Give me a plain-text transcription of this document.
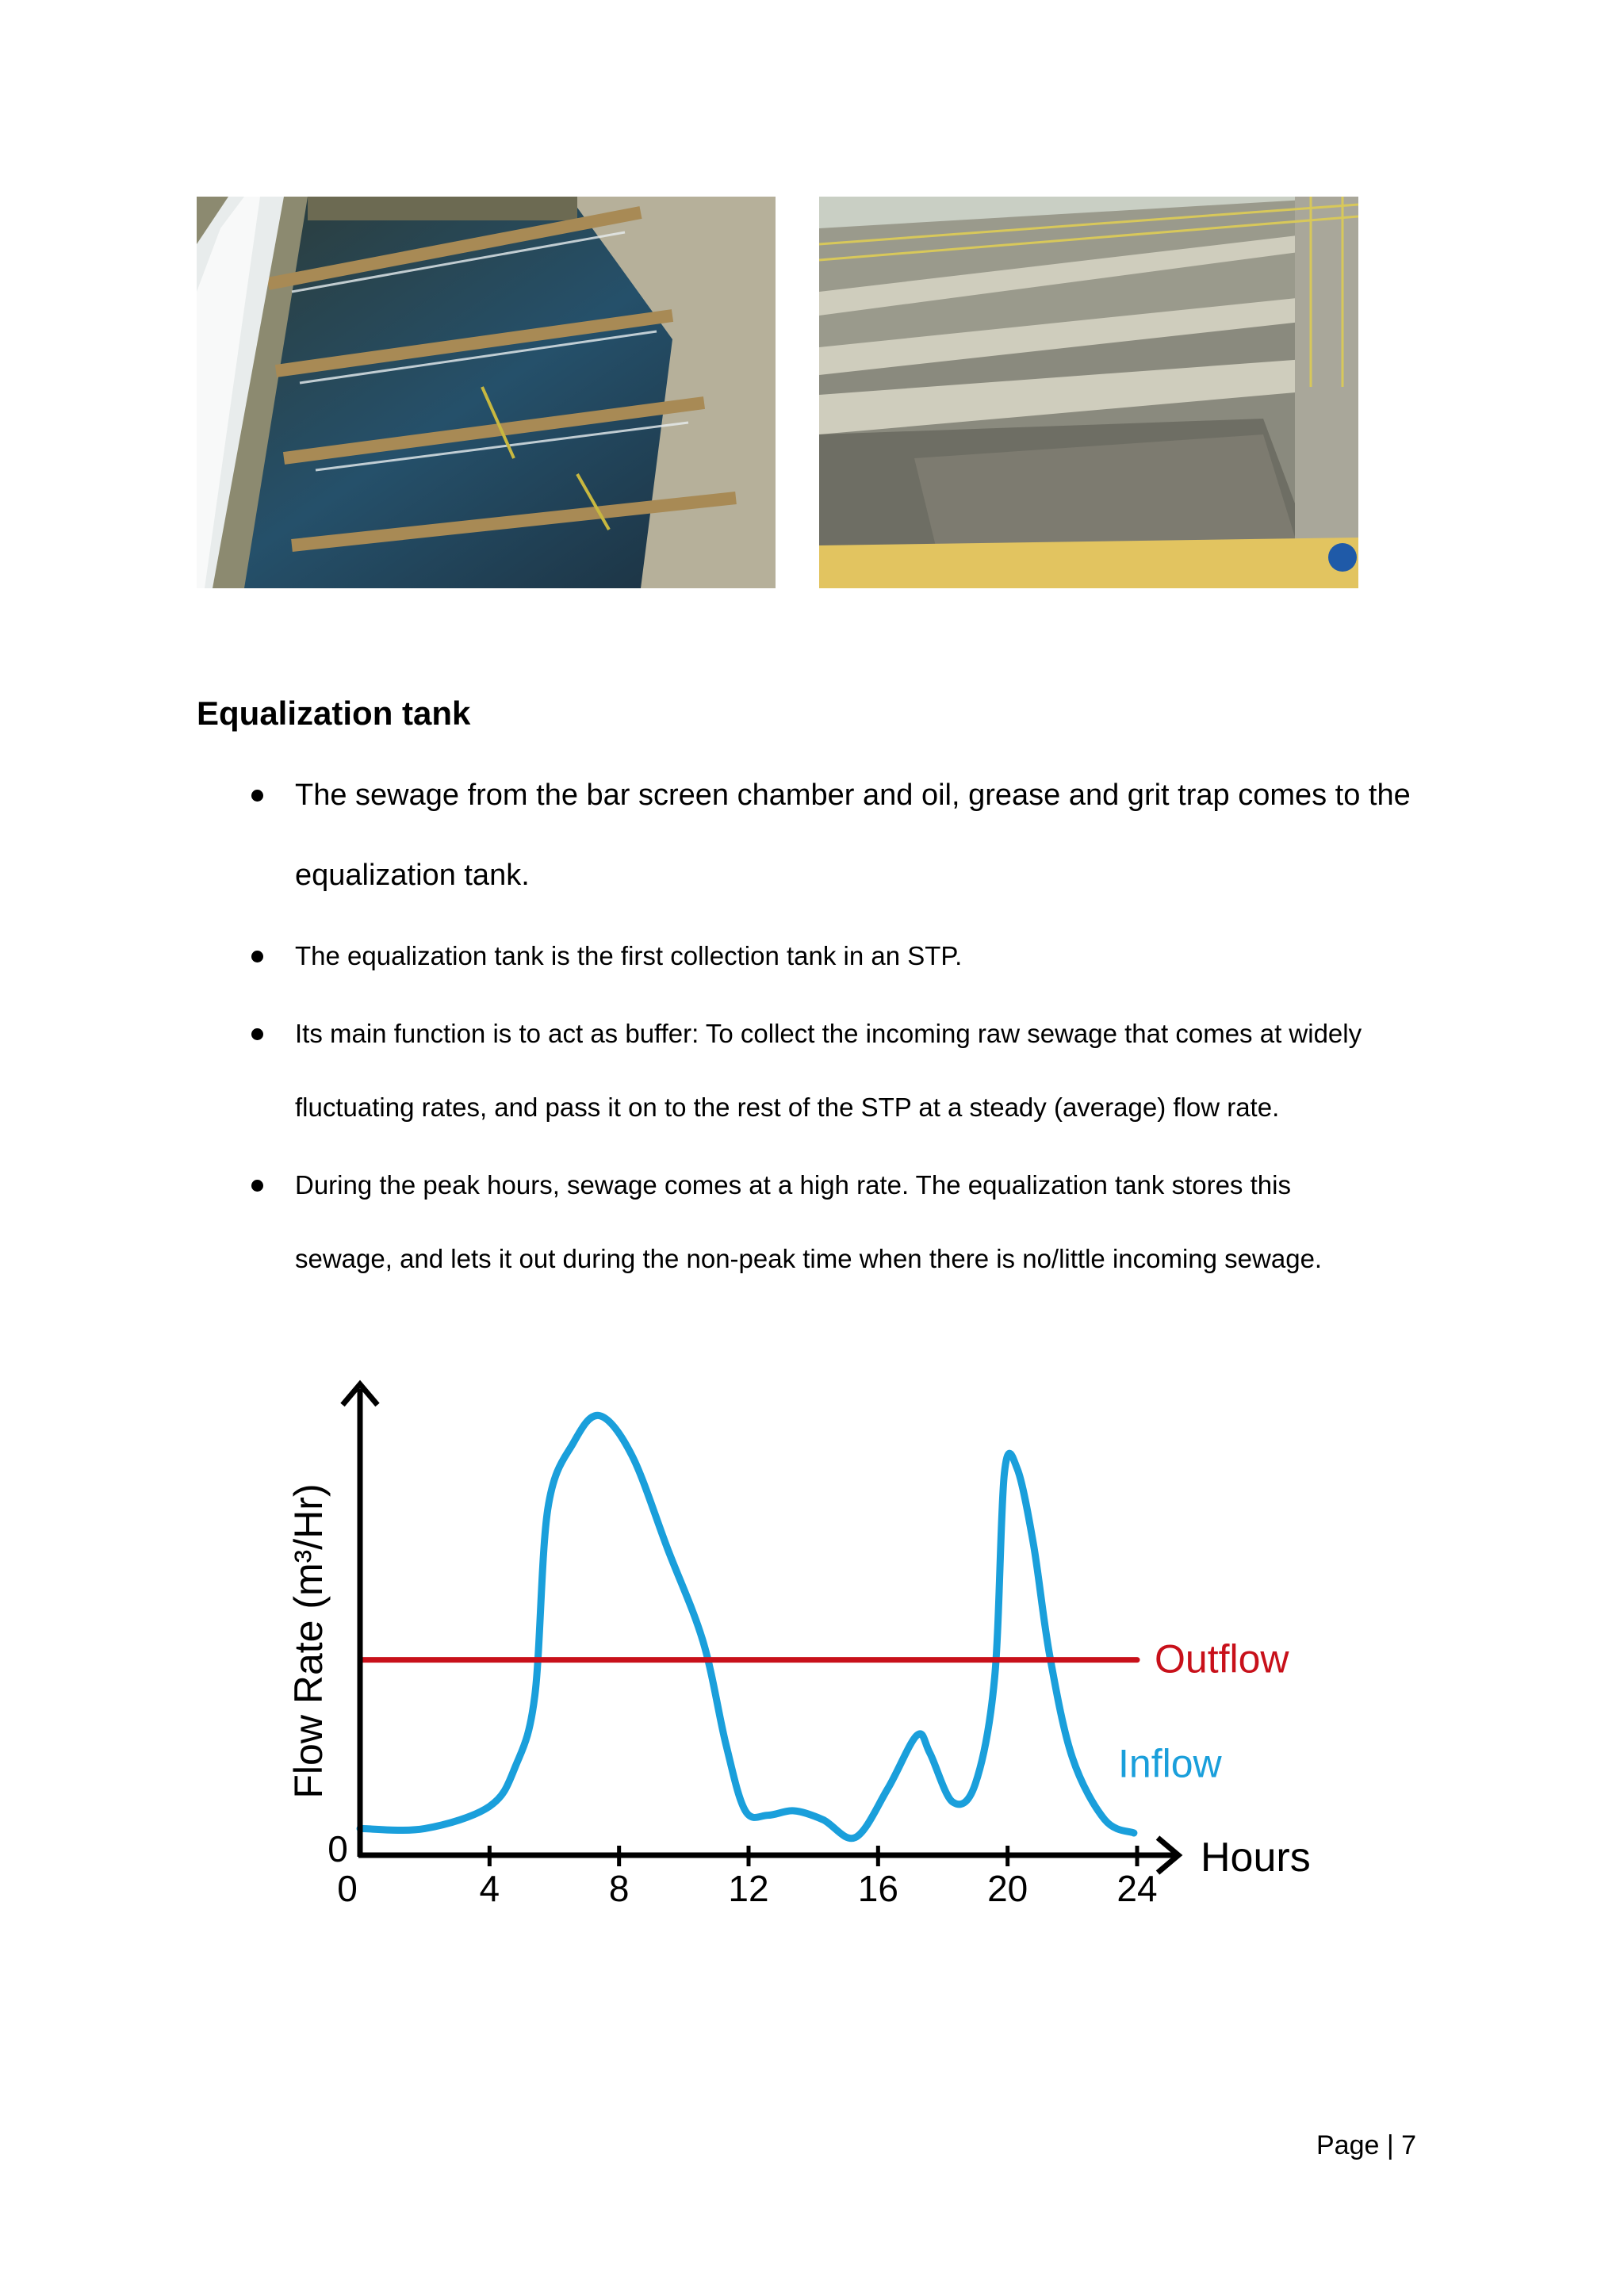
Equalization tank
The sewage from the bar screen chamber and oil, grease and grit trap comes to the
equalization tank.
The equalization tank is the first collection tank in an STP.
Its main function is to act as buffer: To collect the incoming raw sewage that comes at widely
fluctuating rates, and pass it on to the rest of the STP at a steady (average) flow rate.
During the peak hours, sewage comes at a high rate. The equalization tank stores this
sewage, and lets it out during the non-peak time when there is no/little incoming sewage.
0	4	8	12 16 20 24
0
Outflow
Inflow
Hours
Flow Rate (m³/Hr)
Page | 7
